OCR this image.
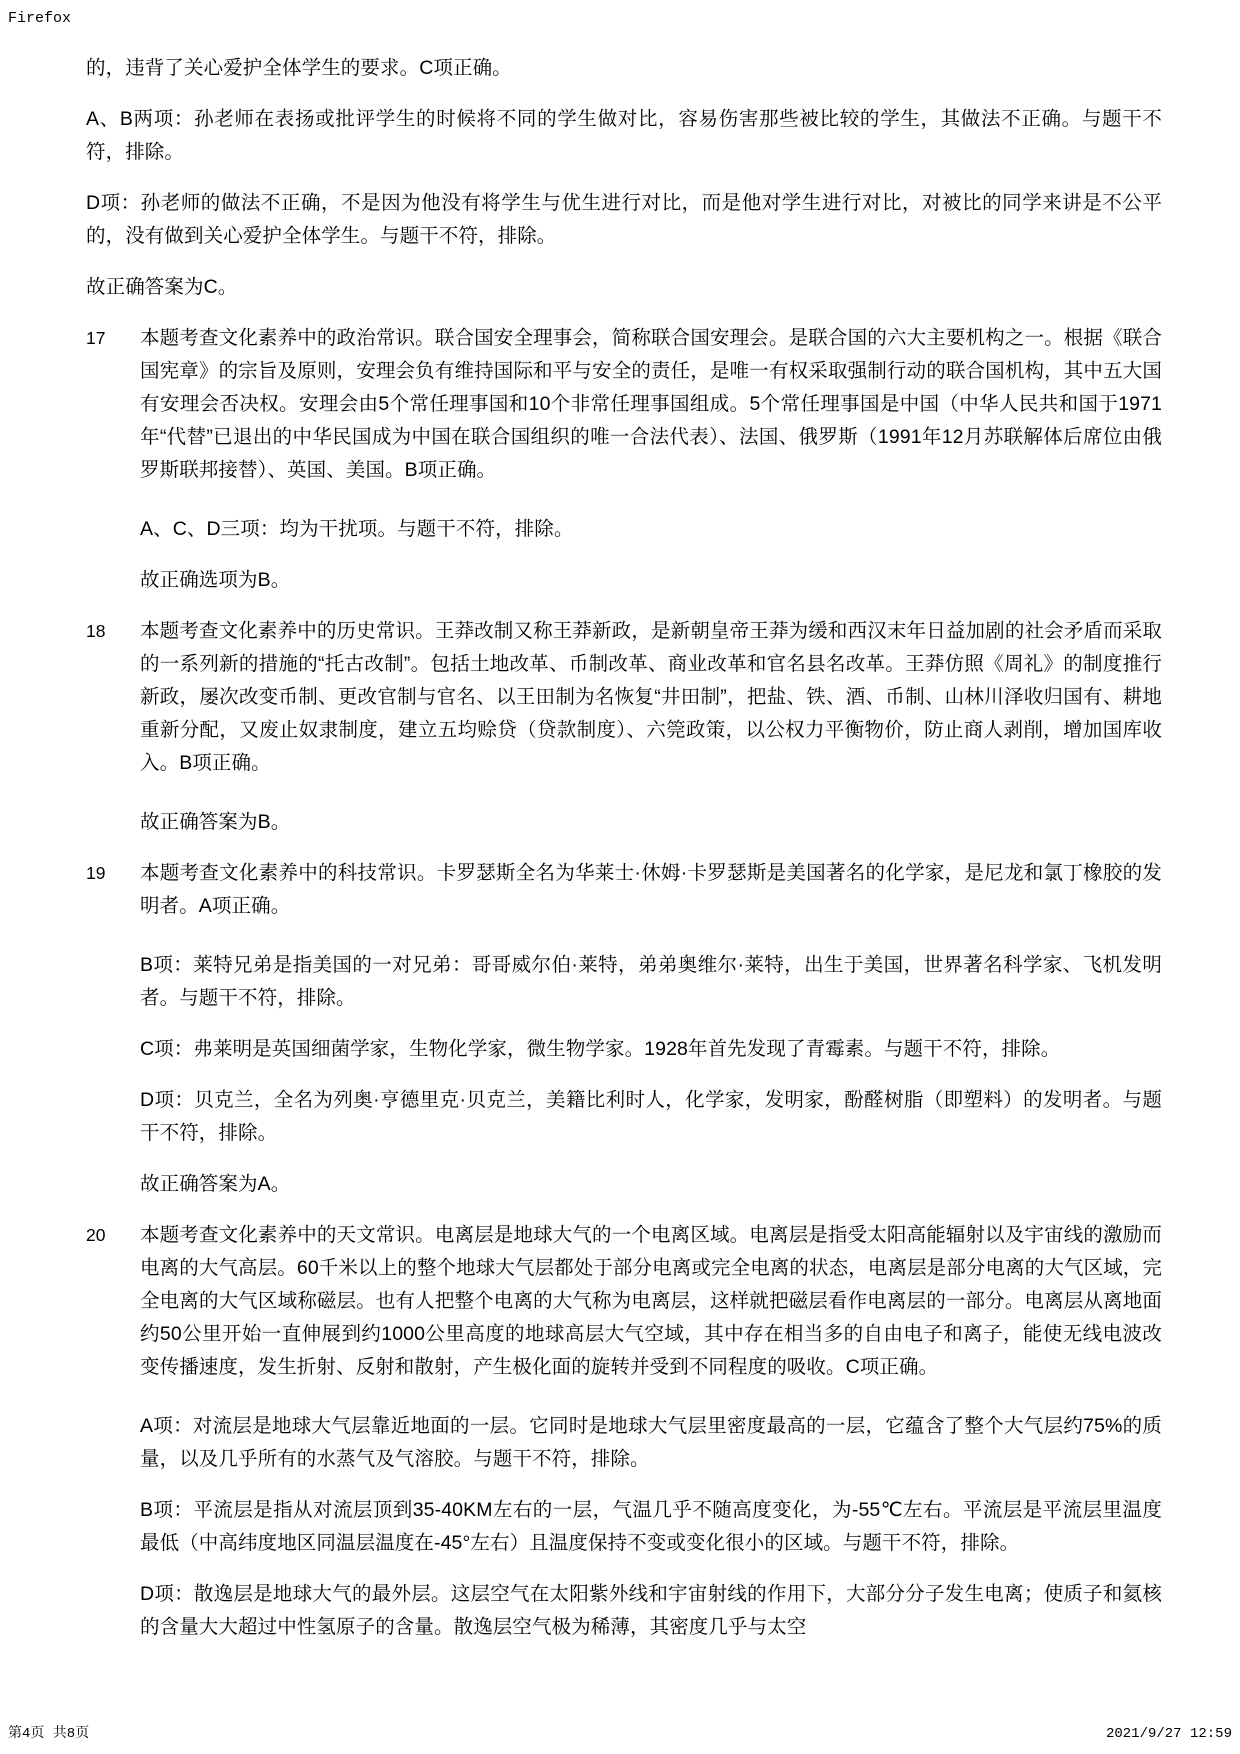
Firefox
的，违背了关心爱护全体学生的要求。C项正确。
A、B两项：孙老师在表扬或批评学生的时候将不同的学生做对比，容易伤害那些被比较的学生，其做法不正确。与题干不符，排除。
D项：孙老师的做法不正确，不是因为他没有将学生与优生进行对比，而是他对学生进行对比，对被比的同学来讲是不公平的，没有做到关心爱护全体学生。与题干不符，排除。
故正确答案为C。
17	本题考查文化素养中的政治常识。联合国安全理事会，简称联合国安理会。是联合国的六大主要机构之一。根据《联合国宪章》的宗旨及原则，安理会负有维持国际和平与安全的责任，是唯一有权采取强制行动的联合国机构，其中五大国有安理会否决权。安理会由5个常任理事国和10个非常任理事国组成。5个常任理事国是中国（中华人民共和国于1971年“代替”已退出的中华民国成为中国在联合国组织的唯一合法代表）、法国、俄罗斯（1991年12月苏联解体后席位由俄罗斯联邦接替）、英国、美国。B项正确。
A、C、D三项：均为干扰项。与题干不符，排除。
故正确选项为B。
18	本题考查文化素养中的历史常识。王莽改制又称王莽新政，是新朝皇帝王莽为缓和西汉末年日益加剧的社会矛盾而采取的一系列新的措施的“托古改制”。包括土地改革、币制改革、商业改革和官名县名改革。王莽仿照《周礼》的制度推行新政，屡次改变币制、更改官制与官名、以王田制为名恢复“井田制”，把盐、铁、酒、币制、山林川泽收归国有、耕地重新分配，又废止奴隶制度，建立五均赊贷（贷款制度）、六筦政策，以公权力平衡物价，防止商人剥削，增加国库收入。B项正确。
故正确答案为B。
19	本题考查文化素养中的科技常识。卡罗瑟斯全名为华莱士·休姆·卡罗瑟斯是美国著名的化学家，是尼龙和氯丁橡胶的发明者。A项正确。
B项：莱特兄弟是指美国的一对兄弟：哥哥威尔伯·莱特，弟弟奥维尔·莱特，出生于美国，世界著名科学家、飞机发明者。与题干不符，排除。
C项：弗莱明是英国细菌学家，生物化学家，微生物学家。1928年首先发现了青霉素。与题干不符，排除。
D项：贝克兰，全名为列奥·亨德里克·贝克兰，美籍比利时人，化学家，发明家，酚醛树脂（即塑料）的发明者。与题干不符，排除。
故正确答案为A。
20	本题考查文化素养中的天文常识。电离层是地球大气的一个电离区域。电离层是指受太阳高能辐射以及宇宙线的激励而电离的大气高层。60千米以上的整个地球大气层都处于部分电离或完全电离的状态，电离层是部分电离的大气区域，完全电离的大气区域称磁层。也有人把整个电离的大气称为电离层，这样就把磁层看作电离层的一部分。电离层从离地面约50公里开始一直伸展到约1000公里高度的地球高层大气空域，其中存在相当多的自由电子和离子，能使无线电波改变传播速度，发生折射、反射和散射，产生极化面的旋转并受到不同程度的吸收。C项正确。
A项：对流层是地球大气层靠近地面的一层。它同时是地球大气层里密度最高的一层，它蕴含了整个大气层约75%的质量，以及几乎所有的水蒸气及气溶胶。与题干不符，排除。
B项：平流层是指从对流层顶到35-40KM左右的一层，气温几乎不随高度变化，为-55℃左右。平流层是平流层里温度最低（中高纬度地区同温层温度在-45°左右）且温度保持不变或变化很小的区域。与题干不符，排除。
D项：散逸层是地球大气的最外层。这层空气在太阳紫外线和宇宙射线的作用下，大部分分子发生电离；使质子和氦核的含量大大超过中性氢原子的含量。散逸层空气极为稀薄，其密度几乎与太空
第4页 共8页	2021/9/27 12:59
